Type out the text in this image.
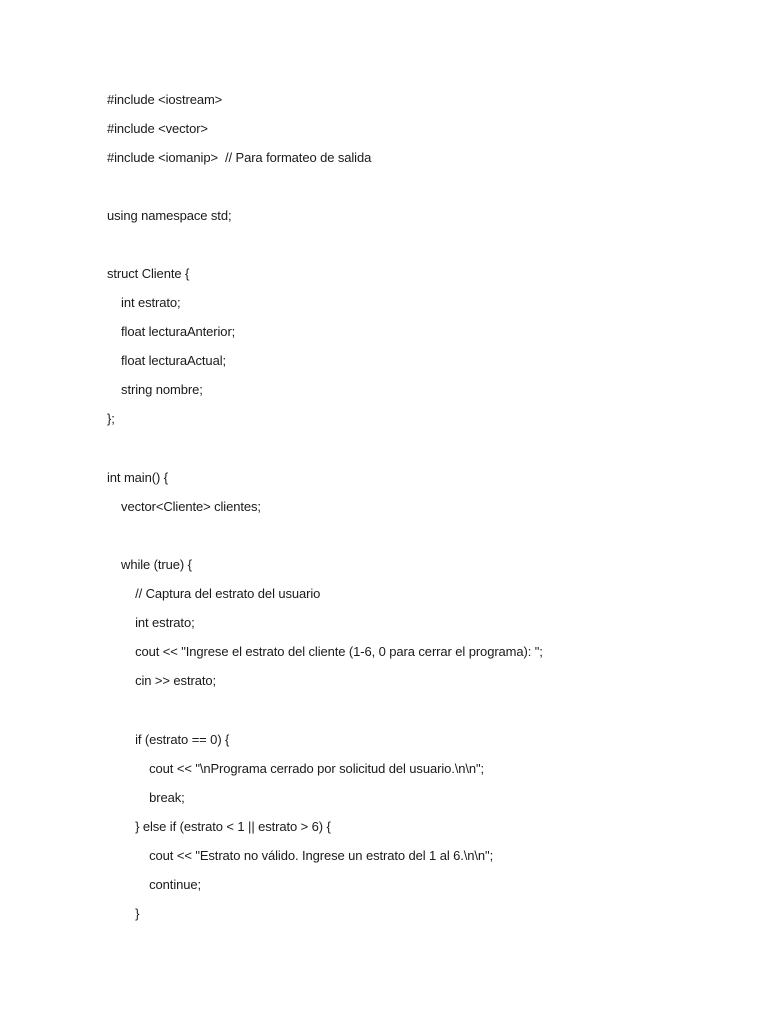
#include <iostream>
#include <vector>
#include <iomanip>  // Para formateo de salida
using namespace std;
struct Cliente {
int estrato;
float lecturaAnterior;
float lecturaActual;
string nombre;
};
int main() {
vector<Cliente> clientes;
while (true) {
// Captura del estrato del usuario
int estrato;
cout << "Ingrese el estrato del cliente (1-6, 0 para cerrar el programa): ";
cin >> estrato;
if (estrato == 0) {
cout << "\nPrograma cerrado por solicitud del usuario.\n\n";
break;
} else if (estrato < 1 || estrato > 6) {
cout << "Estrato no válido. Ingrese un estrato del 1 al 6.\n\n";
continue;
}
